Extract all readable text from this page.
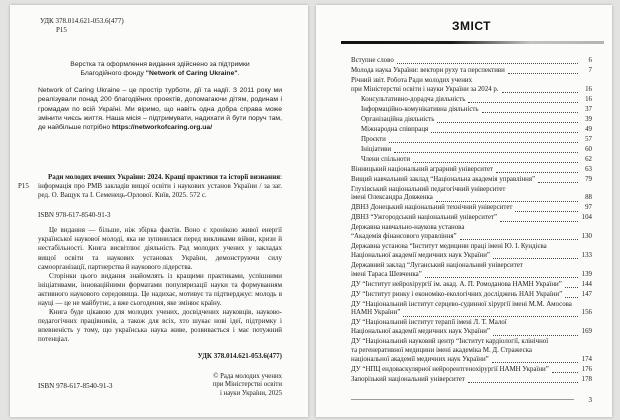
УДК 378.014.621-053.6(477)
Р15
Верстка та оформлення видання здійснено за підтримки
Благодійного фонду "Network of Caring Ukraine".
Network of Caring Ukraine – це простір турботи, дії та надії. З 2011 року ми реалізували понад 200 благодійних проектів, допомагаючи дітям, родинам і громадам по всій Україні. Ми віримо, що навіть одна добра справа може змінити чиєсь життя. Наша місія – підтримувати, надихати й бути поруч там, де найбільше потрібно https://networkofcaring.org.ua/
Р15
Ради молодих вчених України: 2024. Кращі практики та історії визнання: інформація про РМВ закладів вищої освіти і наукових установ України / за заг. ред. О. Ващук та І. Семенець-Орлової. Київ, 2025. 572 с.
ISBN 978-617-8540-91-3

Це видання — більше, ніж збірка фактів. Воно є хронікою живої енергії української наукової молоді, яка не зупинилася перед викликами війни, кризи й нестабільності. Книга висвітлює діяльність Рад молодих учених у закладах вищої освіти та наукових установах України, демонструючи силу самоорганізації, партнерства й наукового лідерства.

Сторінки цього видання знайомлять із кращими практиками, успішними ініціативами, інноваційними форматами популяризації науки та формуванням активного наукового середовища. Це надихає, мотивує та підтверджує: молодь в науці — це не майбутнє, а вже сьогодення, яке змінює країну.

Книга буде цікавою для молодих учених, досвідчених науковців, науково-педагогічних працівників, а також для всіх, хто шукає нові ідеї, підтримку і впевненість у тому, що українська наука живе, розвивається і має потужний потенціал.

УДК 378.014.621-053.6(477)
ISBN 978-617-8540-91-3
© Рада молодих учених
при Міністерстві освіти
і науки України, 2025
ЗМІСТ
Вступне слово	6
Молода наука України: вектори руху та перспективи	7
Річний звіт. Робота Ради молодих учених
при Міністерстві освіти і науки України за 2024 р.	16
Консультативно-дорадча діяльність	16
Інформаційно-комунікативна діяльність	37
Організаційна діяльність	39
Міжнародна співпраця	49
Проєкти	57
Ініціативи	60
Члени спільноти	62
Вінницький національний аграрний університет	63
Вищий навчальний заклад “Національна академія управління”	79
Глухівський національний педагогічний університет
імені Олександра Довженка	88
ДВНЗ Донецький національний технічний університет	97
ДВНЗ “Ужгородський національний університет”	104
Державна навчально-наукова установа
“Академія фінансового управління”	130
Державна установа “Інститут медицини праці імені Ю. І. Кундієва
Національної академії медичних наук України”	133
Державний заклад “Луганський національний університет
імені Тараса Шевченка”	139
ДУ “Інститут нейрохірургії ім. акад. А. П. Ромоданова НАМН України”	144
ДУ “Інститут ринку і економіко-екологічних досліджень НАН України”	147
ДУ “Національний інститут серцево-судинної хірургії імені М.М. Амосова
НАМН України”	156
ДУ “Національний інститут терапії імені Л. Т. Малої
Національної академії медичних наук України”	169
ДУ “Національний науковий центр “Інститут кардіології, клінічної
та регенеративної медицини імені академіка М. Д. Стражеска
національної академії медичних наук України”	174
ДУ “НПЦ ендоваскулярної нейрорентгенохірургії НАМН України”	176
Запорізький національний університет	178
3
